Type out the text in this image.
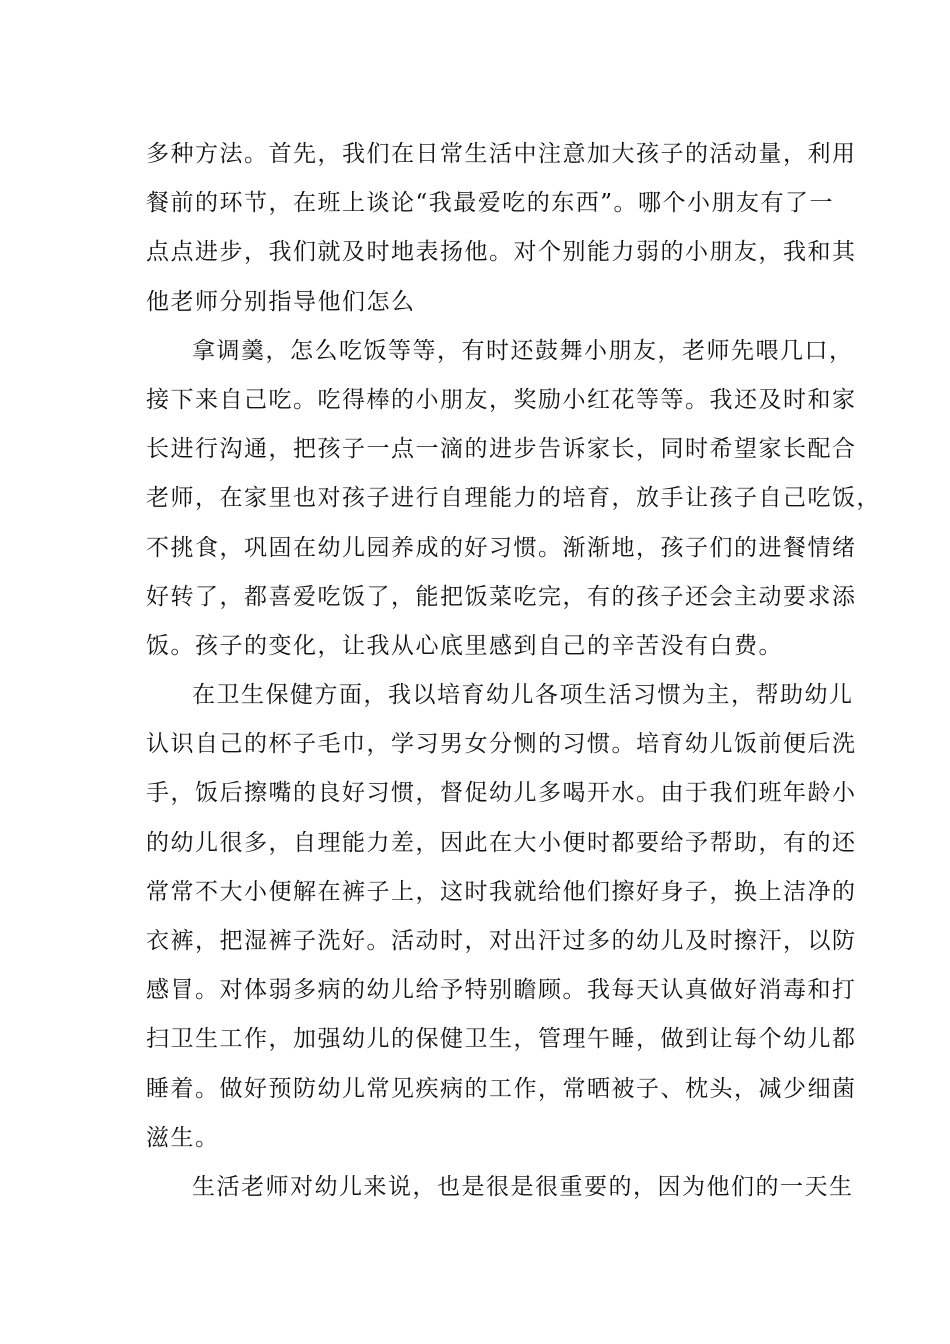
多种方法。首先，我们在日常生活中注意加大孩子的活动量，利用
餐前的环节，在班上谈论“我最爱吃的东西”。哪个小朋友有了一
点点进步，我们就及时地表扬他。对个别能力弱的小朋友，我和其
他老师分别指导他们怎么
拿调羹，怎么吃饭等等，有时还鼓舞小朋友，老师先喂几口，
接下来自己吃。吃得棒的小朋友，奖励小红花等等。我还及时和家
长进行沟通，把孩子一点一滴的进步告诉家长，同时希望家长配合
老师，在家里也对孩子进行自理能力的培育，放手让孩子自己吃饭，
不挑食，巩固在幼儿园养成的好习惯。渐渐地，孩子们的进餐情绪
好转了，都喜爱吃饭了，能把饭菜吃完，有的孩子还会主动要求添
饭。孩子的变化，让我从心底里感到自己的辛苦没有白费。
在卫生保健方面，我以培育幼儿各项生活习惯为主，帮助幼儿
认识自己的杯子毛巾，学习男女分恻的习惯。培育幼儿饭前便后洗
手，饭后擦嘴的良好习惯，督促幼儿多喝开水。由于我们班年龄小
的幼儿很多，自理能力差，因此在大小便时都要给予帮助，有的还
常常不大小便解在裤子上，这时我就给他们擦好身子，换上洁净的
衣裤，把湿裤子洗好。活动时，对出汗过多的幼儿及时擦汗，以防
感冒。对体弱多病的幼儿给予特别瞻顾。我每天认真做好消毒和打
扫卫生工作，加强幼儿的保健卫生，管理午睡，做到让每个幼儿都
睡着。做好预防幼儿常见疾病的工作，常晒被子、枕头，减少细菌
滋生。
生活老师对幼儿来说，也是很是很重要的，因为他们的一天生
